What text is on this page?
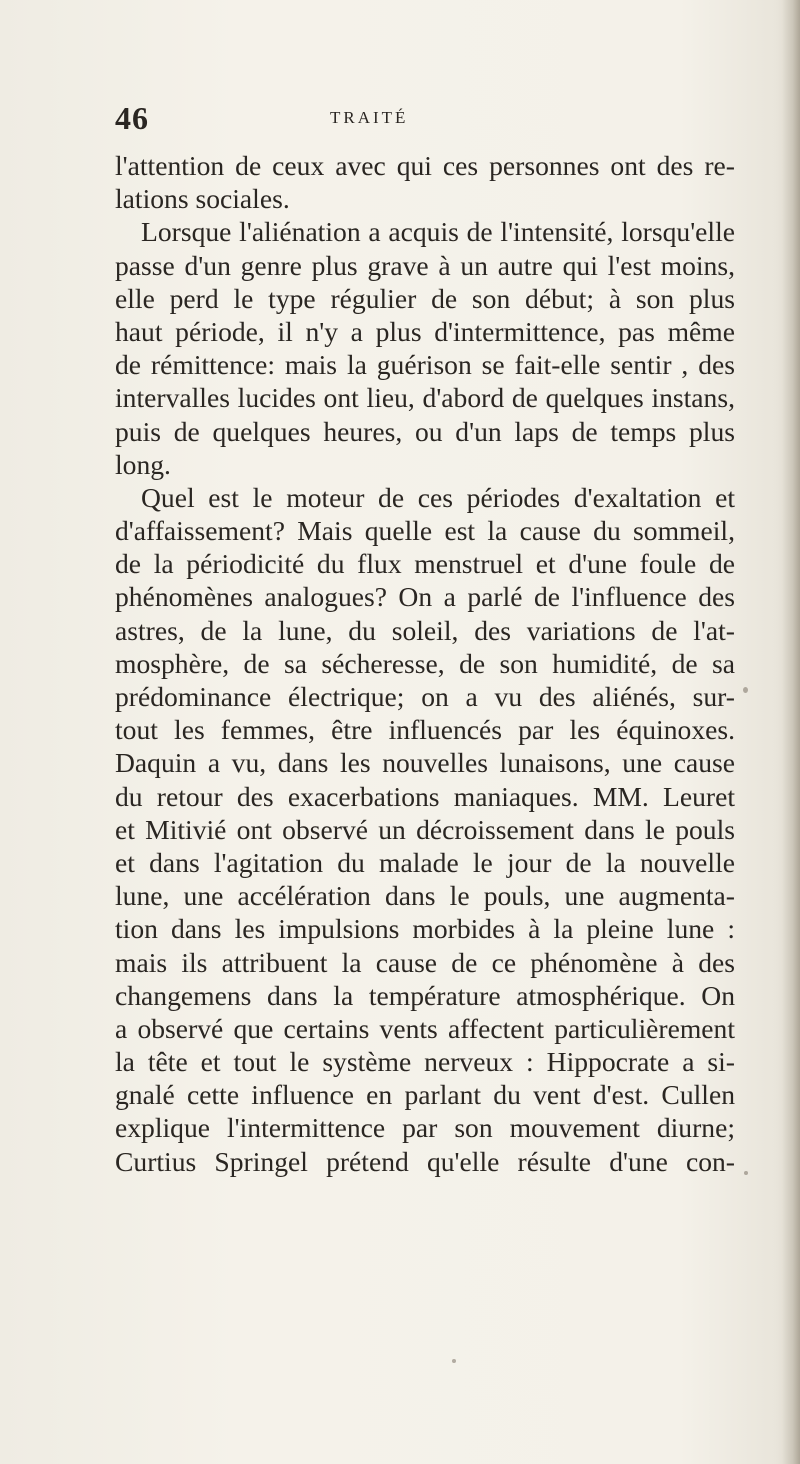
46	TRAITÉ
l'attention de ceux avec qui ces personnes ont des re-
lations sociales.
Lorsque l'aliénation a acquis de l'intensité, lorsqu'elle
passe d'un genre plus grave à un autre qui l'est moins,
elle perd le type régulier de son début; à son plus
haut période, il n'y a plus d'intermittence, pas même
de rémittence: mais la guérison se fait-elle sentir , des
intervalles lucides ont lieu, d'abord de quelques instans,
puis de quelques heures, ou d'un laps de temps plus
long.
Quel est le moteur de ces périodes d'exaltation et
d'affaissement? Mais quelle est la cause du sommeil,
de la périodicité du flux menstruel et d'une foule de
phénomènes analogues? On a parlé de l'influence des
astres, de la lune, du soleil, des variations de l'at-
mosphère, de sa sécheresse, de son humidité, de sa
prédominance électrique; on a vu des aliénés, sur-
tout les femmes, être influencés par les équinoxes.
Daquin a vu, dans les nouvelles lunaisons, une cause
du retour des exacerbations maniaques. MM. Leuret
et Mitivié ont observé un décroissement dans le pouls
et dans l'agitation du malade le jour de la nouvelle
lune, une accélération dans le pouls, une augmenta-
tion dans les impulsions morbides à la pleine lune :
mais ils attribuent la cause de ce phénomène à des
changemens dans la température atmosphérique. On
a observé que certains vents affectent particulièrement
la tête et tout le système nerveux : Hippocrate a si-
gnalé cette influence en parlant du vent d'est. Cullen
explique l'intermittence par son mouvement diurne;
Curtius Springel prétend qu'elle résulte d'une con-
